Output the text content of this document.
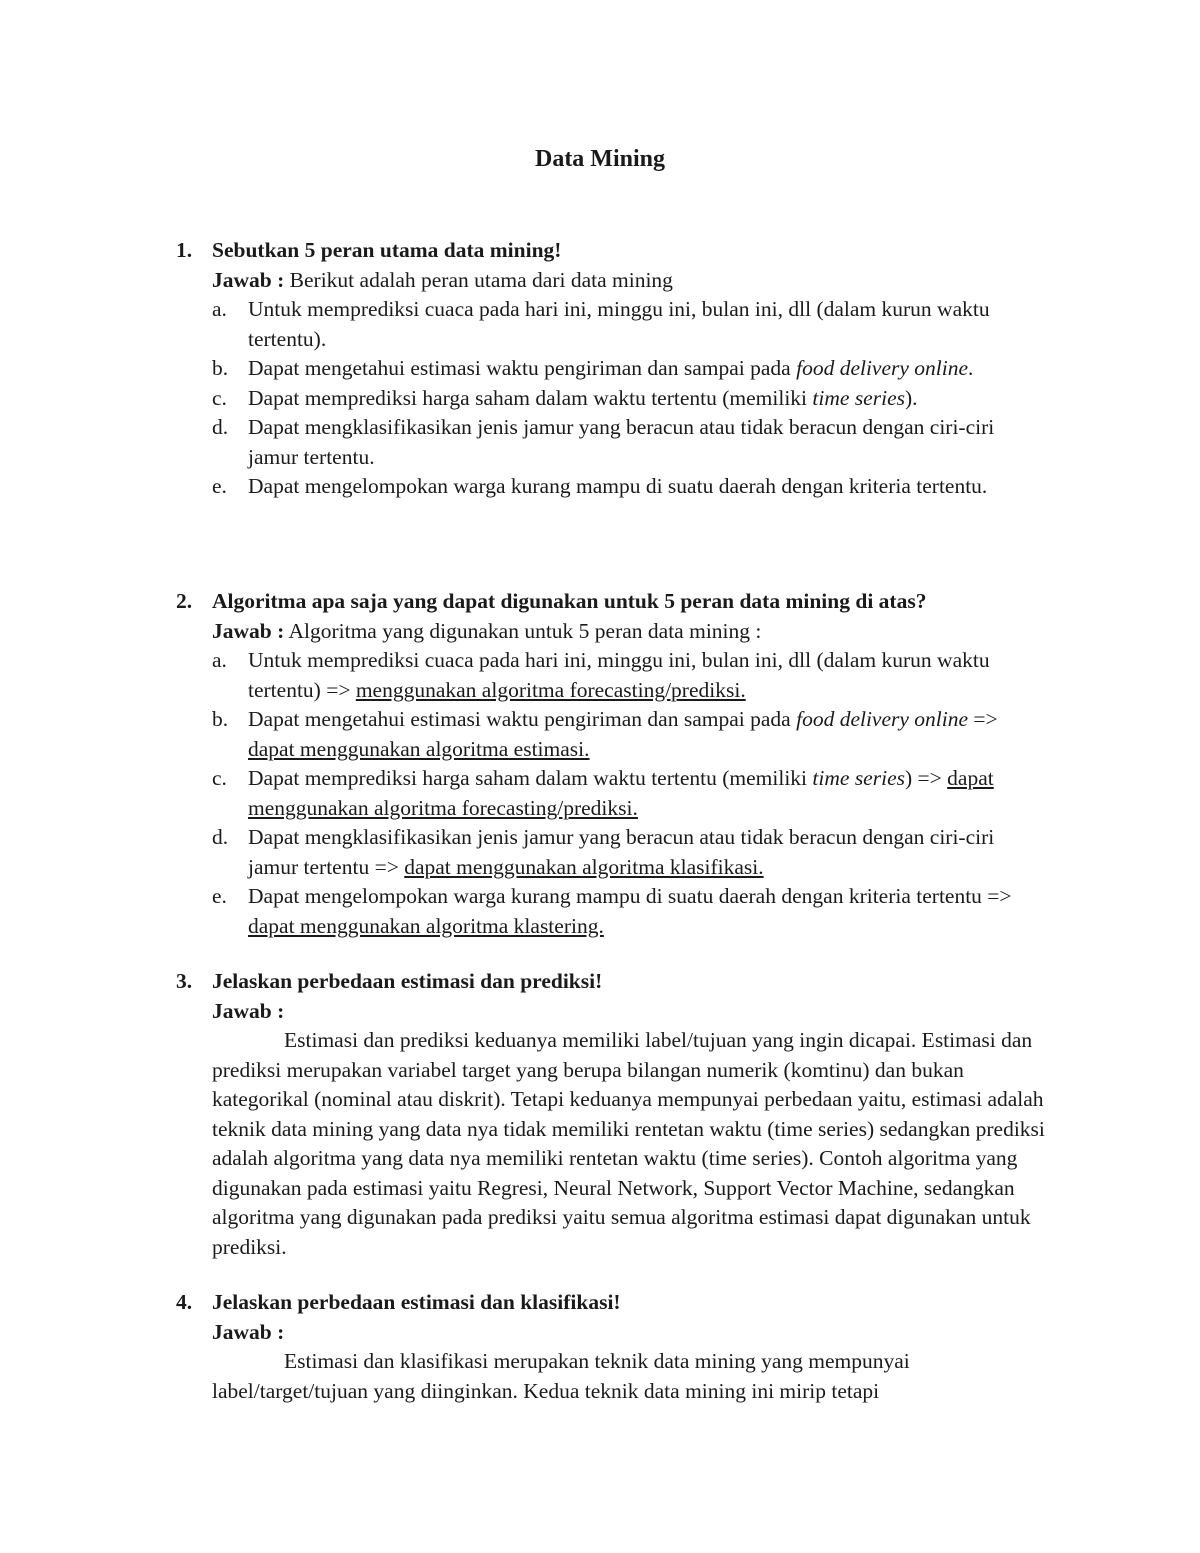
Data Mining
1. Sebutkan 5 peran utama data mining!
Jawab : Berikut adalah peran utama dari data mining
a. Untuk memprediksi cuaca pada hari ini, minggu ini, bulan ini, dll (dalam kurun waktu tertentu).
b. Dapat mengetahui estimasi waktu pengiriman dan sampai pada food delivery online.
c. Dapat memprediksi harga saham dalam waktu tertentu (memiliki time series).
d. Dapat mengklasifikasikan jenis jamur yang beracun atau tidak beracun dengan ciri-ciri jamur tertentu.
e. Dapat mengelompokan warga kurang mampu di suatu daerah dengan kriteria tertentu.
2. Algoritma apa saja yang dapat digunakan untuk 5 peran data mining di atas?
Jawab : Algoritma yang digunakan untuk 5 peran data mining :
a. Untuk memprediksi cuaca pada hari ini, minggu ini, bulan ini, dll (dalam kurun waktu tertentu) => menggunakan algoritma forecasting/prediksi.
b. Dapat mengetahui estimasi waktu pengiriman dan sampai pada food delivery online => dapat menggunakan algoritma estimasi.
c. Dapat memprediksi harga saham dalam waktu tertentu (memiliki time series) => dapat menggunakan algoritma forecasting/prediksi.
d. Dapat mengklasifikasikan jenis jamur yang beracun atau tidak beracun dengan ciri-ciri jamur tertentu => dapat menggunakan algoritma klasifikasi.
e. Dapat mengelompokan warga kurang mampu di suatu daerah dengan kriteria tertentu => dapat menggunakan algoritma klastering.
3. Jelaskan perbedaan estimasi dan prediksi!
Jawab :
Estimasi dan prediksi keduanya memiliki label/tujuan yang ingin dicapai. Estimasi dan prediksi merupakan variabel target yang berupa bilangan numerik (komtinu) dan bukan kategorikal (nominal atau diskrit). Tetapi keduanya mempunyai perbedaan yaitu, estimasi adalah teknik data mining yang data nya tidak memiliki rentetan waktu (time series) sedangkan prediksi adalah algoritma yang data nya memiliki rentetan waktu (time series). Contoh algoritma yang digunakan pada estimasi yaitu Regresi, Neural Network, Support Vector Machine, sedangkan algoritma yang digunakan pada prediksi yaitu semua algoritma estimasi dapat digunakan untuk prediksi.
4. Jelaskan perbedaan estimasi dan klasifikasi!
Jawab :
Estimasi dan klasifikasi merupakan teknik data mining yang mempunyai label/target/tujuan yang diinginkan. Kedua teknik data mining ini mirip tetapi
